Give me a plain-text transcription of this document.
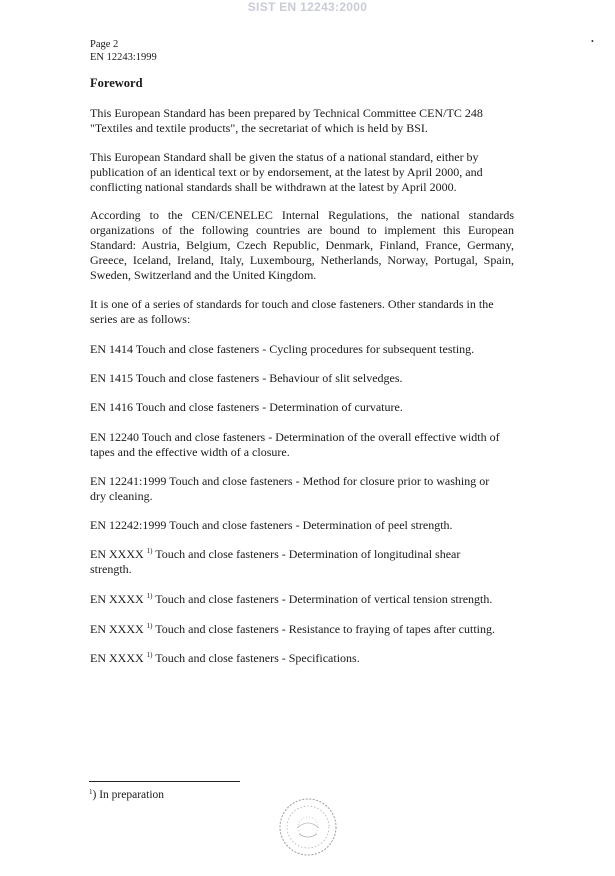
SIST EN 12243:2000
•
Page 2
EN 12243:1999
Foreword

This European Standard has been prepared by Technical Committee CEN/TC 248
"Textiles and textile products", the secretariat of which is held by BSI.

This European Standard shall be given the status of a national standard, either by
publication of an identical text or by endorsement, at the latest by April 2000, and
conflicting national standards shall be withdrawn at the latest by April 2000.

According to the CEN/CENELEC Internal Regulations, the national standards organizations of the following countries are bound to implement this European Standard: Austria, Belgium, Czech Republic, Denmark, Finland, France, Germany, Greece, Iceland, Ireland, Italy, Luxembourg, Netherlands, Norway, Portugal, Spain, Sweden, Switzerland and the United Kingdom.

It is one of a series of standards for touch and close fasteners. Other standards in the
series are as follows:

EN 1414 Touch and close fasteners - Cycling procedures for subsequent testing.

EN 1415 Touch and close fasteners - Behaviour of slit selvedges.

EN 1416 Touch and close fasteners - Determination of curvature.

EN 12240 Touch and close fasteners - Determination of the overall effective width of
tapes and the effective width of a closure.

EN 12241:1999 Touch and close fasteners - Method for closure prior to washing or
dry cleaning.

EN 12242:1999 Touch and close fasteners - Determination of peel strength.

EN XXXX $^{1)}$ Touch and close fasteners - Determination of longitudinal shear
strength.

EN XXXX $^{1)}$ Touch and close fasteners - Determination of vertical tension strength.

EN XXXX $^{1)}$ Touch and close fasteners - Resistance to fraying of tapes after cutting.

EN XXXX $^{1)}$ Touch and close fasteners - Specifications.

$^1$) In preparation
